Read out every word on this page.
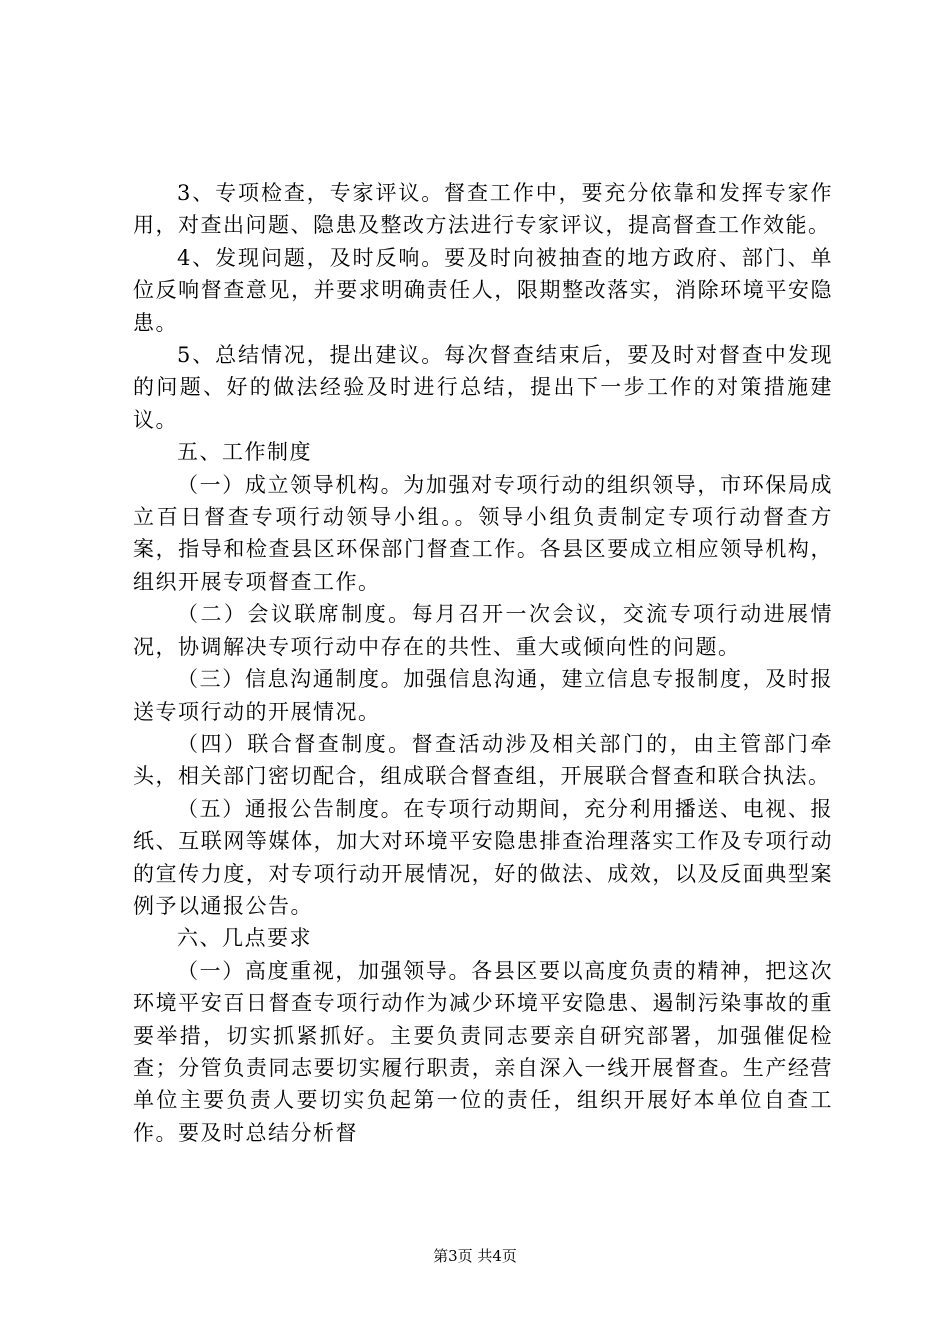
3、专项检查，专家评议。督查工作中，要充分依靠和发挥专家作用，对查出问题、隐患及整改方法进行专家评议，提高督查工作效能。

4、发现问题，及时反响。要及时向被抽查的地方政府、部门、单位反响督查意见，并要求明确责任人，限期整改落实，消除环境平安隐患。

5、总结情况，提出建议。每次督查结束后，要及时对督查中发现的问题、好的做法经验及时进行总结，提出下一步工作的对策措施建议。

五、工作制度

（一）成立领导机构。为加强对专项行动的组织领导，市环保局成立百日督查专项行动领导小组。。领导小组负责制定专项行动督查方案，指导和检查县区环保部门督查工作。各县区要成立相应领导机构，组织开展专项督查工作。

（二）会议联席制度。每月召开一次会议，交流专项行动进展情况，协调解决专项行动中存在的共性、重大或倾向性的问题。

（三）信息沟通制度。加强信息沟通，建立信息专报制度，及时报送专项行动的开展情况。

（四）联合督查制度。督查活动涉及相关部门的，由主管部门牵头，相关部门密切配合，组成联合督查组，开展联合督查和联合执法。

（五）通报公告制度。在专项行动期间，充分利用播送、电视、报纸、互联网等媒体，加大对环境平安隐患排查治理落实工作及专项行动的宣传力度，对专项行动开展情况，好的做法、成效，以及反面典型案例予以通报公告。

六、几点要求

（一）高度重视，加强领导。各县区要以高度负责的精神，把这次环境平安百日督查专项行动作为减少环境平安隐患、遏制污染事故的重要举措，切实抓紧抓好。主要负责同志要亲自研究部署，加强催促检查；分管负责同志要切实履行职责，亲自深入一线开展督查。生产经营单位主要负责人要切实负起第一位的责任，组织开展好本单位自查工作。要及时总结分析督

第3页 共4页
